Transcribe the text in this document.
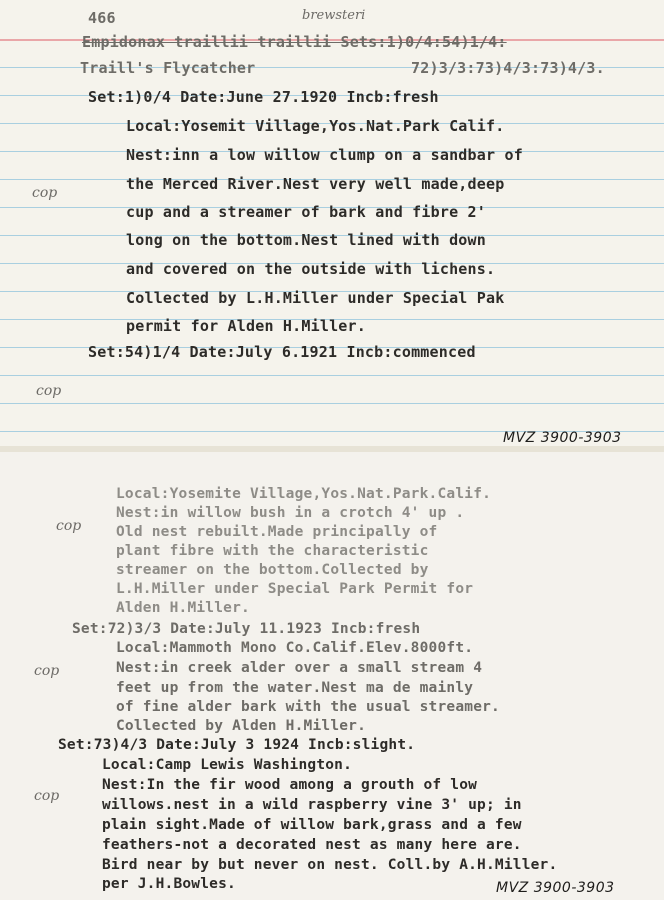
466	brewsteri
Empidonax traillii traillii Sets:1)0/4:54)1/4:
Traill's Flycatcher	72)3/3:73)4/3:73)4/3.
Set:1)0/4 Date:June 27.1920 Incb:fresh
Local:Yosemit Village,Yos.Nat.Park Calif.
Nest:inn a low willow clump on a sandbar of
the Merced River.Nest very well made,deep
cup and a streamer of bark and fibre 2'
long on the bottom.Nest lined with down
and covered on the outside with lichens.
Collected by L.H.Miller under Special Pak
permit for Alden H.Miller.
Set:54)1/4 Date:July 6.1921 Incb:commenced
cop
cop
MVZ 3900-3903
Local:Yosemite Village,Yos.Nat.Park.Calif.
Nest:in willow bush in a crotch 4' up .
Old nest rebuilt.Made principally of
plant fibre with the characteristic
streamer on the bottom.Collected by
L.H.Miller under Special Park Permit for
Alden H.Miller.
Set:72)3/3 Date:July 11.1923 Incb:fresh
Local:Mammoth Mono Co.Calif.Elev.8000ft.
Nest:in creek alder over a small stream 4
feet up from the water.Nest ma de mainly
of fine alder bark with the usual streamer.
Collected by Alden H.Miller.
Set:73)4/3 Date:July 3 1924 Incb:slight.
Local:Camp Lewis Washington.
Nest:In the fir wood among a grouth of low
willows.nest in a wild raspberry vine 3' up; in
plain sight.Made of willow bark,grass and a few
feathers-not a decorated nest as many here are.
Bird near by but never on nest. Coll.by A.H.Miller.
per J.H.Bowles.
cop
cop
cop
MVZ 3900-3903
